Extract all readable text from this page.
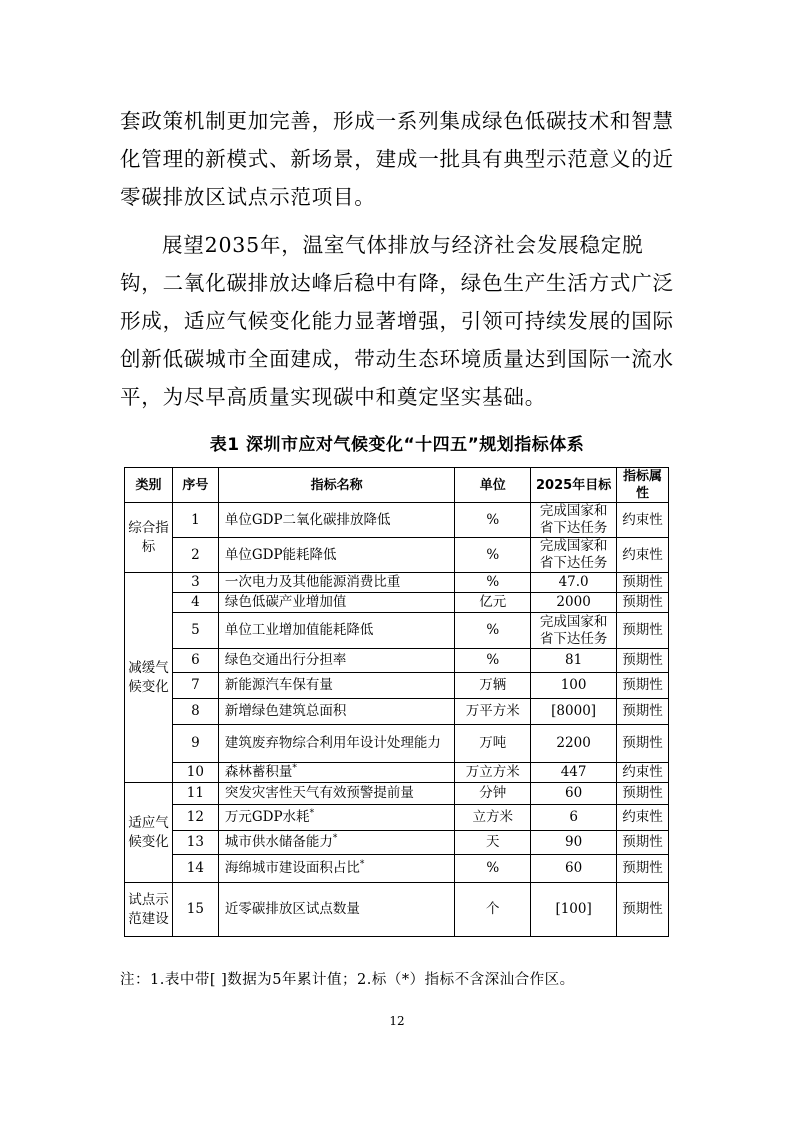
套政策机制更加完善，形成一系列集成绿色低碳技术和智慧化管理的新模式、新场景，建成一批具有典型示范意义的近零碳排放区试点示范项目。

展望2035年，温室气体排放与经济社会发展稳定脱钩，二氧化碳排放达峰后稳中有降，绿色生产生活方式广泛形成，适应气候变化能力显著增强，引领可持续发展的国际创新低碳城市全面建成，带动生态环境质量达到国际一流水平，为尽早高质量实现碳中和奠定坚实基础。

表1 深圳市应对气候变化“十四五”规划指标体系
类别	序号	指标名称	单位	2025年目标	指标属性
综合指标	1	单位GDP二氧化碳排放降低	%	完成国家和省下达任务	约束性
	2	单位GDP能耗降低	%	完成国家和省下达任务	约束性
减缓气候变化	3	一次电力及其他能源消费比重	%	47.0	预期性
	4	绿色低碳产业增加值	亿元	2000	预期性
	5	单位工业增加值能耗降低	%	完成国家和省下达任务	预期性
	6	绿色交通出行分担率	%	81	预期性
	7	新能源汽车保有量	万辆	100	预期性
	8	新增绿色建筑总面积	万平方米	[8000]	预期性
	9	建筑废弃物综合利用年设计处理能力	万吨	2200	预期性
	10	森林蓄积量*	万立方米	447	约束性
适应气候变化	11	突发灾害性天气有效预警提前量	分钟	60	预期性
	12	万元GDP水耗*	立方米	6	约束性
	13	城市供水储备能力*	天	90	预期性
	14	海绵城市建设面积占比*	%	60	预期性
试点示范建设	15	近零碳排放区试点数量	个	[100]	预期性
注：1.表中带[ ]数据为5年累计值；2.标（*）指标不含深汕合作区。
12
